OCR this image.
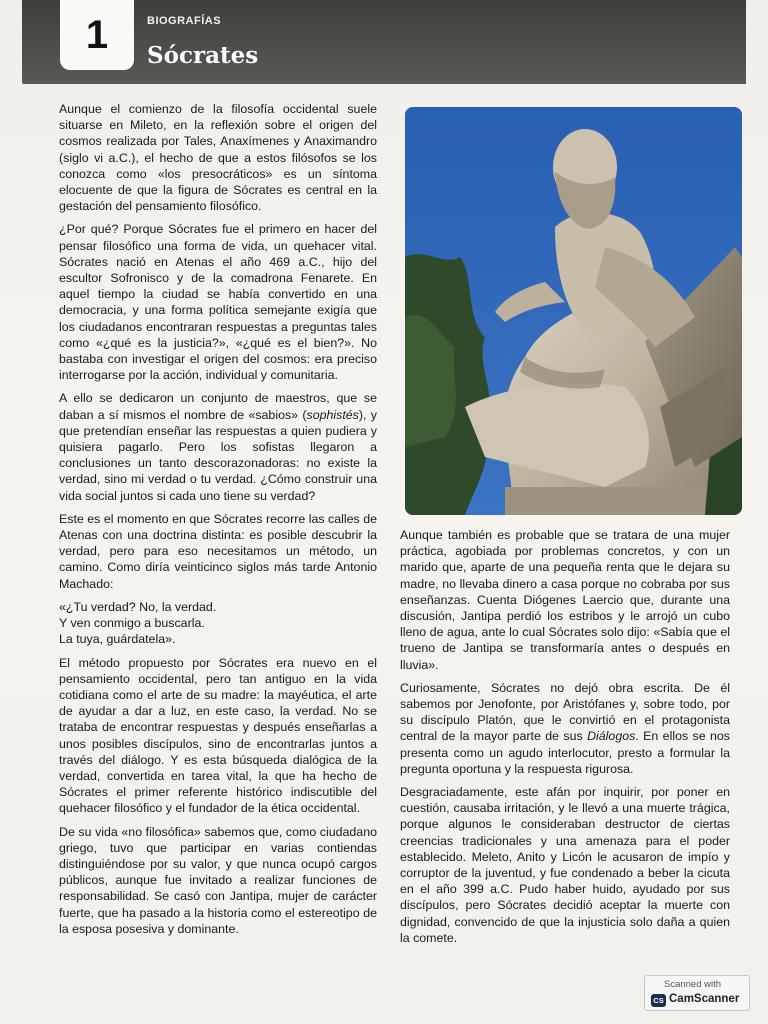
1	BIOGRAFÍAS
Sócrates

Aunque el comienzo de la filosofía occidental suele situarse en Mileto, en la reflexión sobre el origen del cosmos realizada por Tales, Anaxímenes y Anaximandro (siglo vi a.C.), el hecho de que a estos filósofos se los conozca como «los presocráticos» es un síntoma elocuente de que la figura de Sócrates es central en la gestación del pensamiento filosófico.

¿Por qué? Porque Sócrates fue el primero en hacer del pensar filosófico una forma de vida, un quehacer vital. Sócrates nació en Atenas el año 469 a.C., hijo del escultor Sofronisco y de la comadrona Fenarete. En aquel tiempo la ciudad se había convertido en una democracia, y una forma política semejante exigía que los ciudadanos encontraran respuestas a preguntas tales como «¿qué es la justicia?», «¿qué es el bien?». No bastaba con investigar el origen del cosmos: era preciso interrogarse por la acción, individual y comunitaria.

A ello se dedicaron un conjunto de maestros, que se daban a sí mismos el nombre de «sabios» (sophistés), y que pretendían enseñar las respuestas a quien pudiera y quisiera pagarlo. Pero los sofistas llegaron a conclusiones un tanto descorazonadoras: no existe la verdad, sino mi verdad o tu verdad. ¿Cómo construir una vida social juntos si cada uno tiene su verdad?

Este es el momento en que Sócrates recorre las calles de Atenas con una doctrina distinta: es posible descubrir la verdad, pero para eso necesitamos un método, un camino. Como diría veinticinco siglos más tarde Antonio Machado:

«¿Tu verdad? No, la verdad.

Y ven conmigo a buscarla.

La tuya, guárdatela».

El método propuesto por Sócrates era nuevo en el pensamiento occidental, pero tan antiguo en la vida cotidiana como el arte de su madre: la mayéutica, el arte de ayudar a dar a luz, en este caso, la verdad. No se trataba de encontrar respuestas y después enseñarlas a unos posibles discípulos, sino de encontrarlas juntos a través del diálogo. Y es esta búsqueda dialógica de la verdad, convertida en tarea vital, la que ha hecho de Sócrates el primer referente histórico indiscutible del quehacer filosófico y el fundador de la ética occidental.

De su vida «no filosófica» sabemos que, como ciudadano griego, tuvo que participar en varias contiendas distinguiéndose por su valor, y que nunca ocupó cargos públicos, aunque fue invitado a realizar funciones de responsabilidad. Se casó con Jantipa, mujer de carácter fuerte, que ha pasado a la historia como el estereotipo de la esposa posesiva y dominante.

Aunque también es probable que se tratara de una mujer práctica, agobiada por problemas concretos, y con un marido que, aparte de una pequeña renta que le dejara su madre, no llevaba dinero a casa porque no cobraba por sus enseñanzas. Cuenta Diógenes Laercio que, durante una discusión, Jantipa perdió los estribos y le arrojó un cubo lleno de agua, ante lo cual Sócrates solo dijo: «Sabía que el trueno de Jantipa se transformaría antes o después en lluvia».

Curiosamente, Sócrates no dejó obra escrita. De él sabemos por Jenofonte, por Aristófanes y, sobre todo, por su discípulo Platón, que le convirtió en el protagonista central de la mayor parte de sus Diálogos. En ellos se nos presenta como un agudo interlocutor, presto a formular la pregunta oportuna y la respuesta rigurosa.

Desgraciadamente, este afán por inquirir, por poner en cuestión, causaba irritación, y le llevó a una muerte trágica, porque algunos le consideraban destructor de ciertas creencias tradicionales y una amenaza para el poder establecido. Meleto, Anito y Licón le acusaron de impío y corruptor de la juventud, y fue condenado a beber la cicuta en el año 399 a.C. Pudo haber huido, ayudado por sus discípulos, pero Sócrates decidió aceptar la muerte con dignidad, convencido de que la injusticia solo daña a quien la comete.

Scanned with
CS CamScanner
